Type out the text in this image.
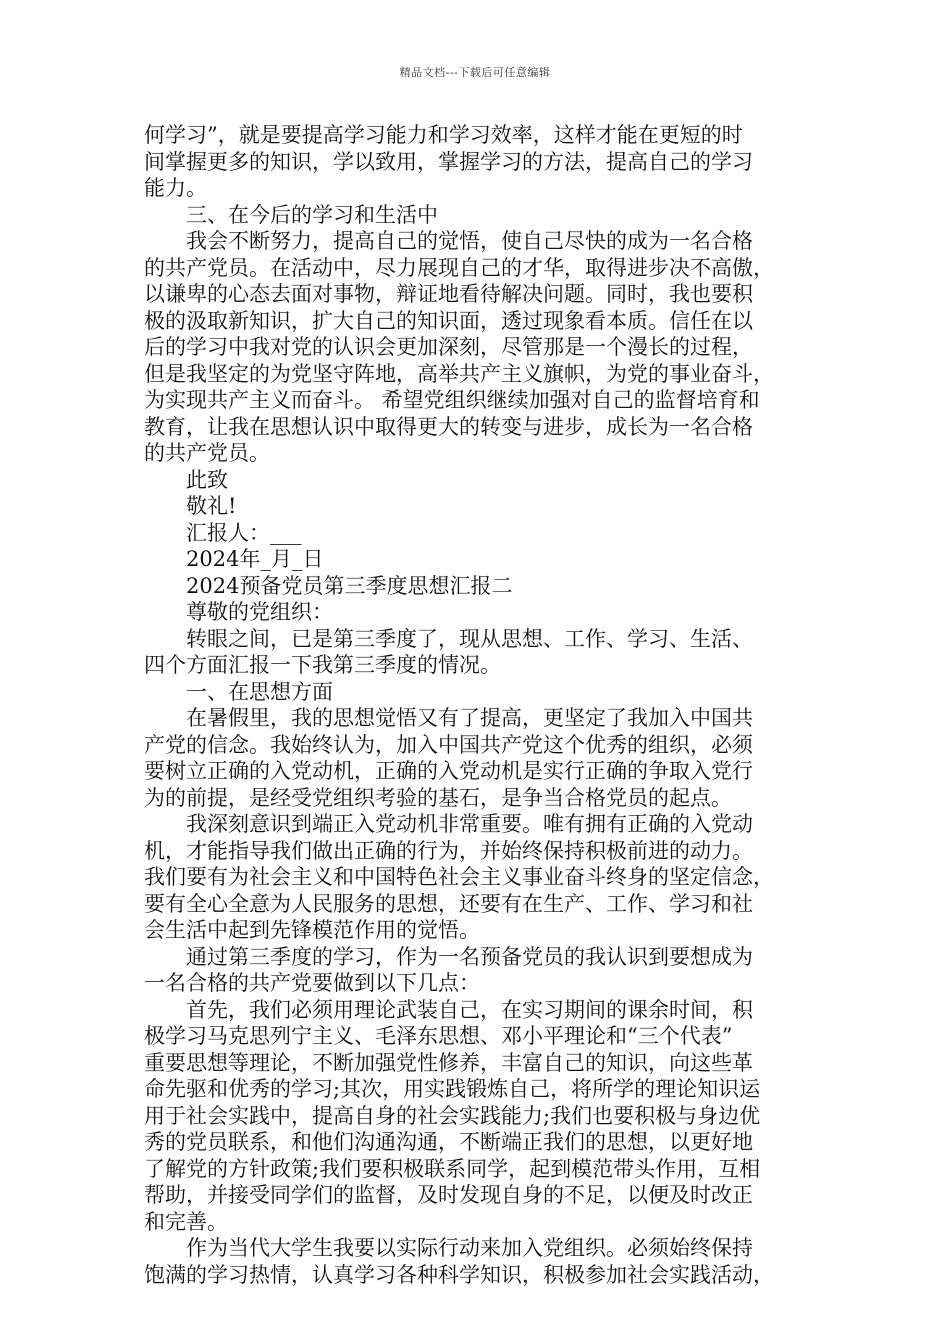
精品文档---下载后可任意编辑
何学习”，就是要提高学习能力和学习效率，这样才能在更短的时
间掌握更多的知识，学以致用，掌握学习的方法，提高自己的学习
能力。
　　三、在今后的学习和生活中
　　我会不断努力，提高自己的觉悟，使自己尽快的成为一名合格
的共产党员。在活动中，尽力展现自己的才华，取得进步决不高傲，
以谦卑的心态去面对事物，辩证地看待解决问题。同时，我也要积
极的汲取新知识，扩大自己的知识面，透过现象看本质。信任在以
后的学习中我对党的认识会更加深刻，尽管那是一个漫长的过程，
但是我坚定的为党坚守阵地，高举共产主义旗帜，为党的事业奋斗，
为实现共产主义而奋斗。 希望党组织继续加强对自己的监督培育和
教育，让我在思想认识中取得更大的转变与进步，成长为一名合格
的共产党员。
　　此致
　　敬礼!
　　汇报人：___
　　2024年_月_日
　　2024预备党员第三季度思想汇报二
　　尊敬的党组织：
　　转眼之间，已是第三季度了，现从思想、工作、学习、生活、
四个方面汇报一下我第三季度的情况。
　　一、在思想方面
　　在暑假里，我的思想觉悟又有了提高，更坚定了我加入中国共
产党的信念。我始终认为，加入中国共产党这个优秀的组织，必须
要树立正确的入党动机，正确的入党动机是实行正确的争取入党行
为的前提，是经受党组织考验的基石，是争当合格党员的起点。
　　我深刻意识到端正入党动机非常重要。唯有拥有正确的入党动
机，才能指导我们做出正确的行为，并始终保持积极前进的动力。
我们要有为社会主义和中国特色社会主义事业奋斗终身的坚定信念，
要有全心全意为人民服务的思想，还要有在生产、工作、学习和社
会生活中起到先锋模范作用的觉悟。
　　通过第三季度的学习，作为一名预备党员的我认识到要想成为
一名合格的共产党要做到以下几点：
　　首先，我们必须用理论武装自己，在实习期间的课余时间，积
极学习马克思列宁主义、毛泽东思想、邓小平理论和“三个代表”
重要思想等理论，不断加强党性修养，丰富自己的知识，向这些革
命先驱和优秀的学习;其次，用实践锻炼自己，将所学的理论知识运
用于社会实践中，提高自身的社会实践能力;我们也要积极与身边优
秀的党员联系，和他们沟通沟通，不断端正我们的思想，以更好地
了解党的方针政策;我们要积极联系同学，起到模范带头作用，互相
帮助，并接受同学们的监督，及时发现自身的不足，以便及时改正
和完善。
　　作为当代大学生我要以实际行动来加入党组织。必须始终保持
饱满的学习热情，认真学习各种科学知识，积极参加社会实践活动，
